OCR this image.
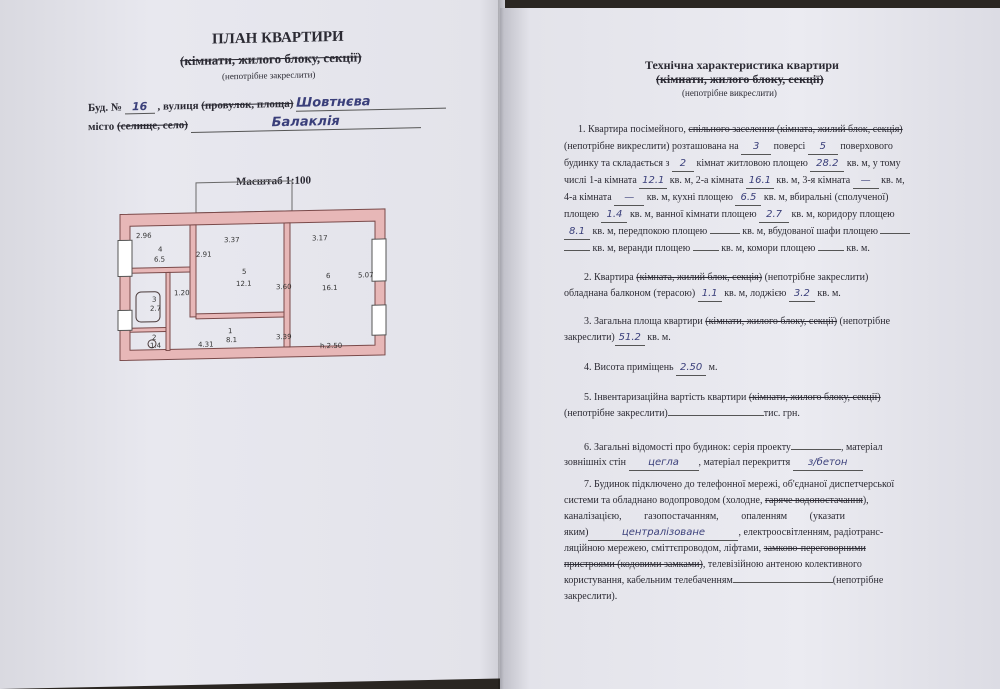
ПЛАН КВАРТИРИ
(кімнати, жилого блоку, секції)
(непотрібне закреслити)
Буд. № 16 , вулиця (провулок, площа) Шовтнєва
місто (селище, село)	Балаклія
Масштаб 1:100
2.96	3.37	3.17
4
6.5
5
12.1
6
16.1
3.60
5.07
1.20
3
2.7
2
1.4
1
8.1
4.31	h.2.50
3.39
2.91
Технічна характеристика квартири
(кімнати, жилого блоку, секції)
(непотрібне викреслити)
1. Квартира посімейного, спільного заселення (кімната, жилий блок, секція)
(непотрібне викреслити) розташована на 3 поверсі 5 поверхового
будинку та складається з 2 кімнат житловою площею 28.2 кв. м, у тому
числі 1-а кімната 12.1 кв. м, 2-а кімната 16.1 кв. м, 3-я кімната — кв. м,
4-а кімната — кв. м, кухні площею 6.5 кв. м, вбиральні (сполученої)
площею 1.4 кв. м, ванної кімнати площею 2.7 кв. м, коридору площею
8.1 кв. м, передпокою площею	кв. м, вбудованої шафи площею
кв. м, веранди площею	кв. м, комори площею	кв. м.
2. Квартира (кімната, жилий блок, секція) (непотрібне закреслити)
обладнана балконом (терасою) 1.1 кв. м, лоджією 3.2 кв. м.
3. Загальна площа квартири (кімнати, жилого блоку, секції) (непотрібне
закреслити) 51.2 кв. м.
4. Висота приміщень 2.50 м.
5. Інвентаризаційна вартість квартири (кімнати, жилого блоку, секції)
(непотрібне закреслити)	тис. грн.
6. Загальні відомості про будинок: серія проекту	, матеріал
зовнішніх стін цегла , матеріал перекриття з/бетон
7. Будинок підключено до телефонної мережі, об'єднаної диспетчерської
системи та обладнано водопроводом (холодне, гаряче водопостачання),
каналізацією, газопостачанням, опаленням (указати
яким)	централізоване	, електроосвітленням, радіотранс-
ляційною мережею, сміттєпроводом, ліфтами, замково-переговорними
пристроями (кодовими замками), телевізійною антеною колективного
користування, кабельним телебаченням	(непотрібне
закреслити).
